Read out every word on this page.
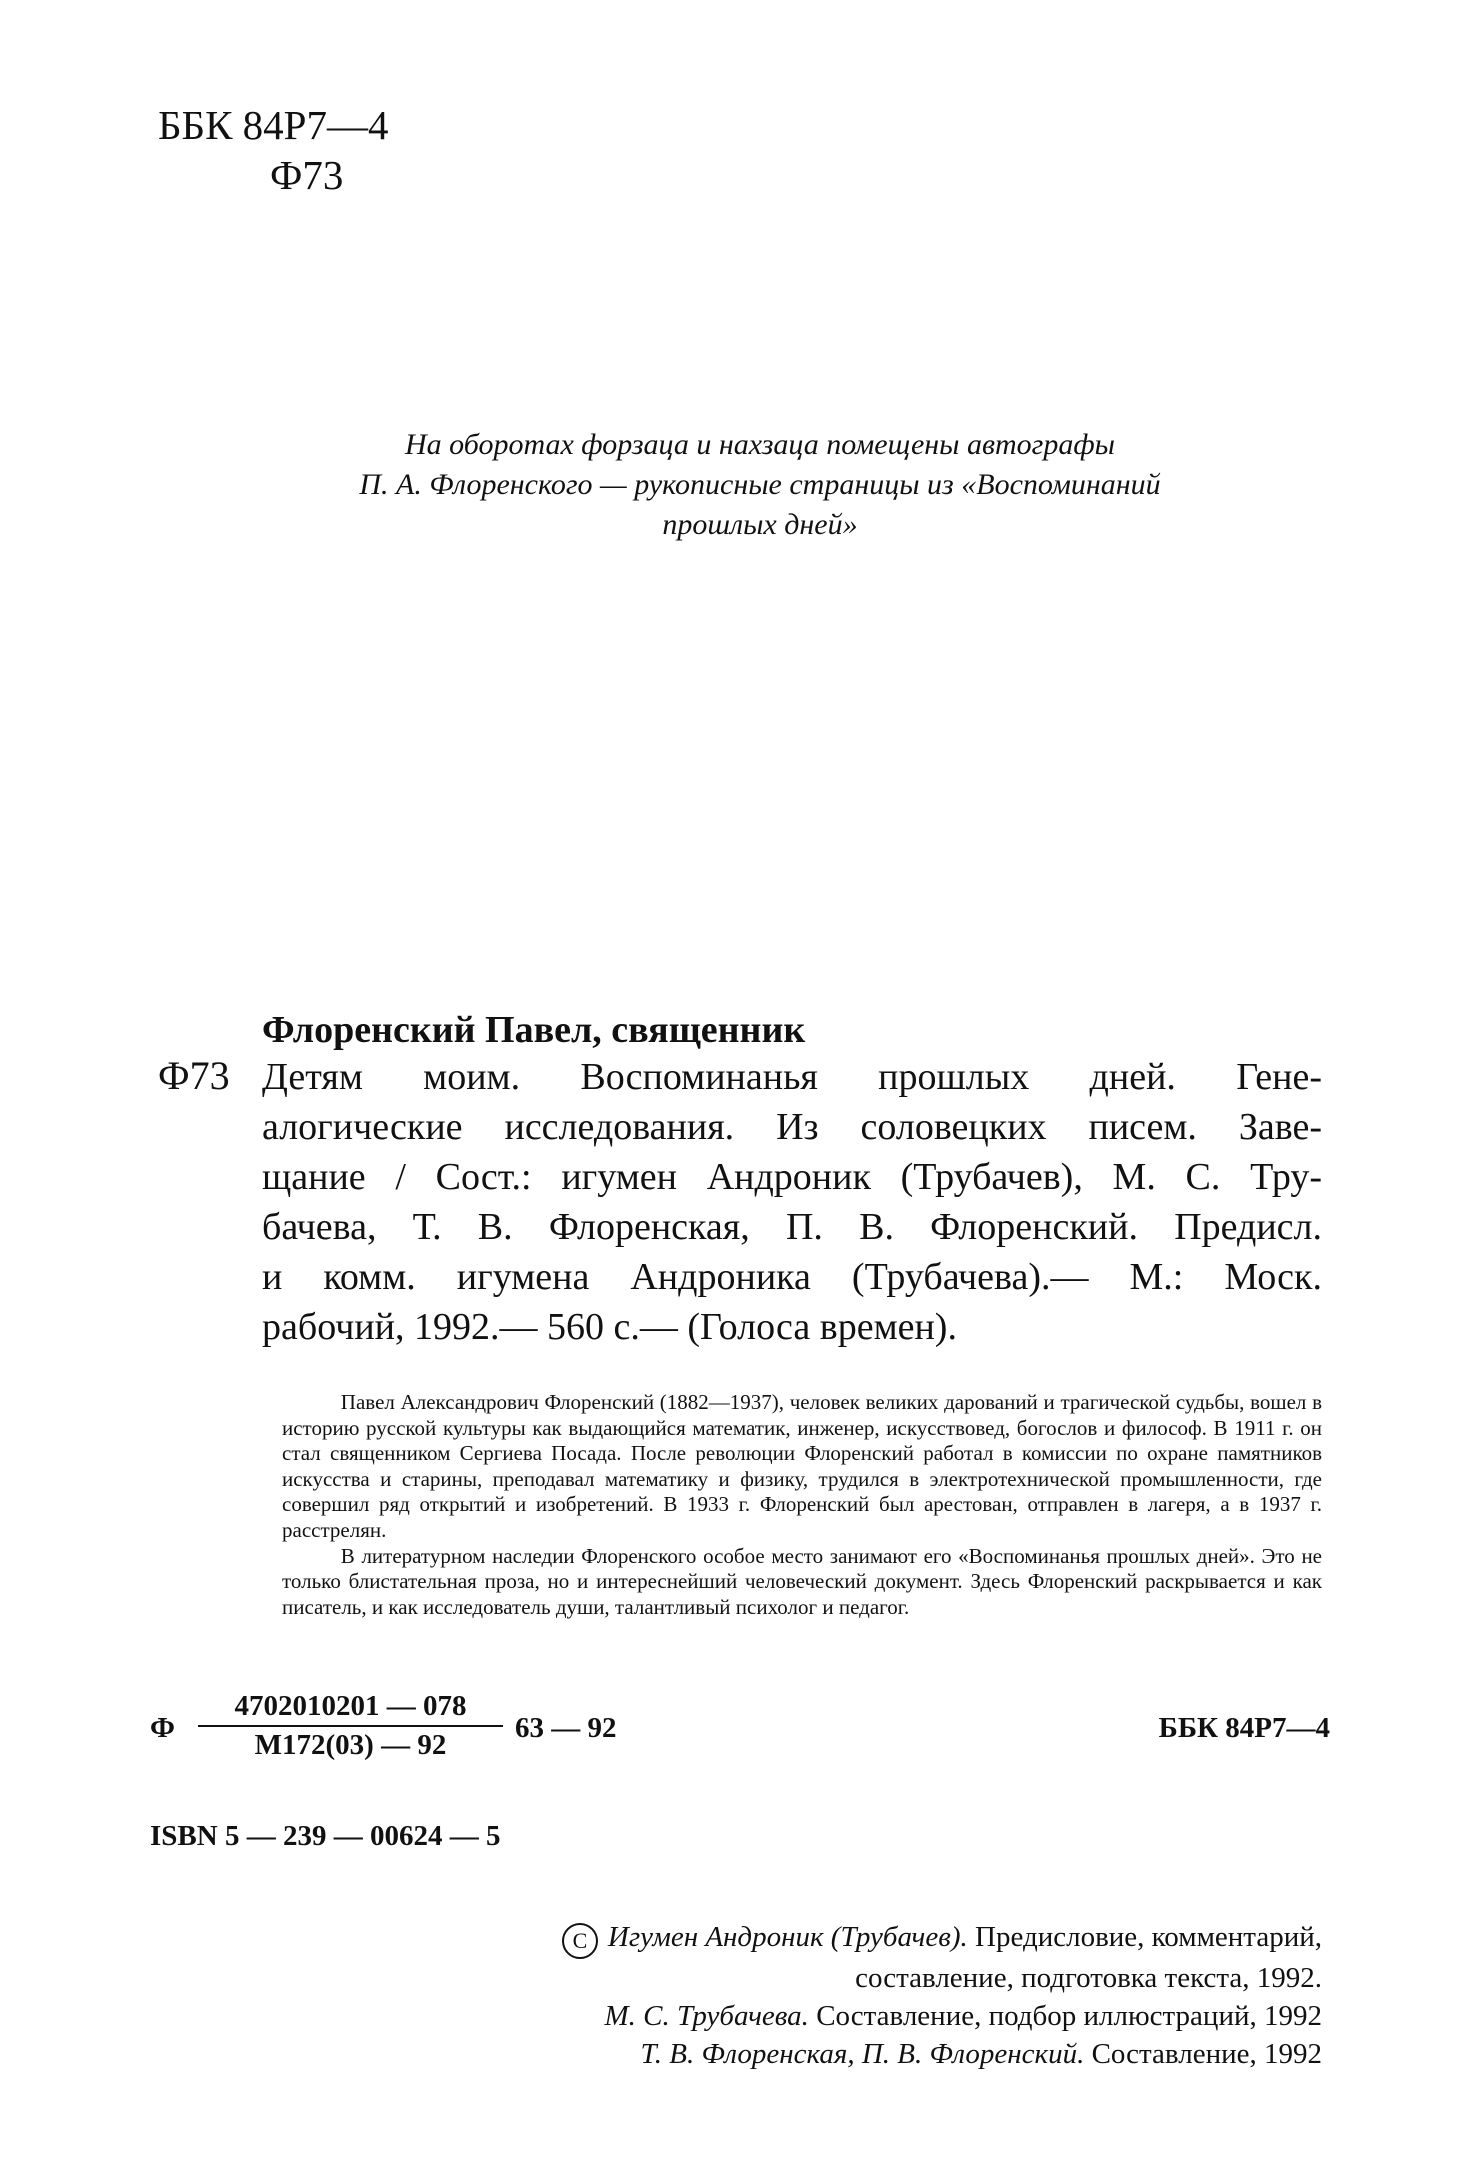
ББК 84Р7—4
Ф73
На оборотах форзаца и нахзаца помещены автографы
П. А. Флоренского — рукописные страницы из «Воспоминаний
прошлых дней»
Флоренский Павел, священник
Ф73 Детям моим. Воспоминанья прошлых дней. Гене-
алогические исследования. Из соловецких писем. Заве-
щание / Сост.: игумен Андроник (Трубачев), М. С. Тру-
бачева, Т. В. Флоренская, П. В. Флоренский. Предисл.
и комм. игумена Андроника (Трубачева).— М.: Моск.
рабочий, 1992.— 560 с.— (Голоса времен).

Павел Александрович Флоренский (1882—1937), человек великих дарований и трагической судьбы, вошел в историю русской культуры как выдающийся математик, инженер, искусствовед, богослов и философ. В 1911 г. он стал священником Сергиева Посада. После революции Флоренский работал в комиссии по охране памятников искусства и старины, преподавал математику и физику, трудился в электротехнической промышленности, где совершил ряд открытий и изобретений. В 1933 г. Флоренский был арестован, отправлен в лагеря, а в 1937 г. расстрелян.

В литературном наследии Флоренского особое место занимают его «Воспоминанья прошлых дней». Это не только блистательная проза, но и интереснейший человеческий документ. Здесь Флоренский раскрывается и как писатель, и как исследователь души, талантливый психолог и педагог.

Ф
4702010201 — 078
М172(03) — 92
63 — 92	ББК 84Р7—4
ISBN 5 — 239 — 00624 — 5
C Игумен Андроник (Трубачев). Предисловие, комментарий,
составление, подготовка текста, 1992.
М. С. Трубачева. Составление, подбор иллюстраций, 1992
Т. В. Флоренская, П. В. Флоренский. Составление, 1992
